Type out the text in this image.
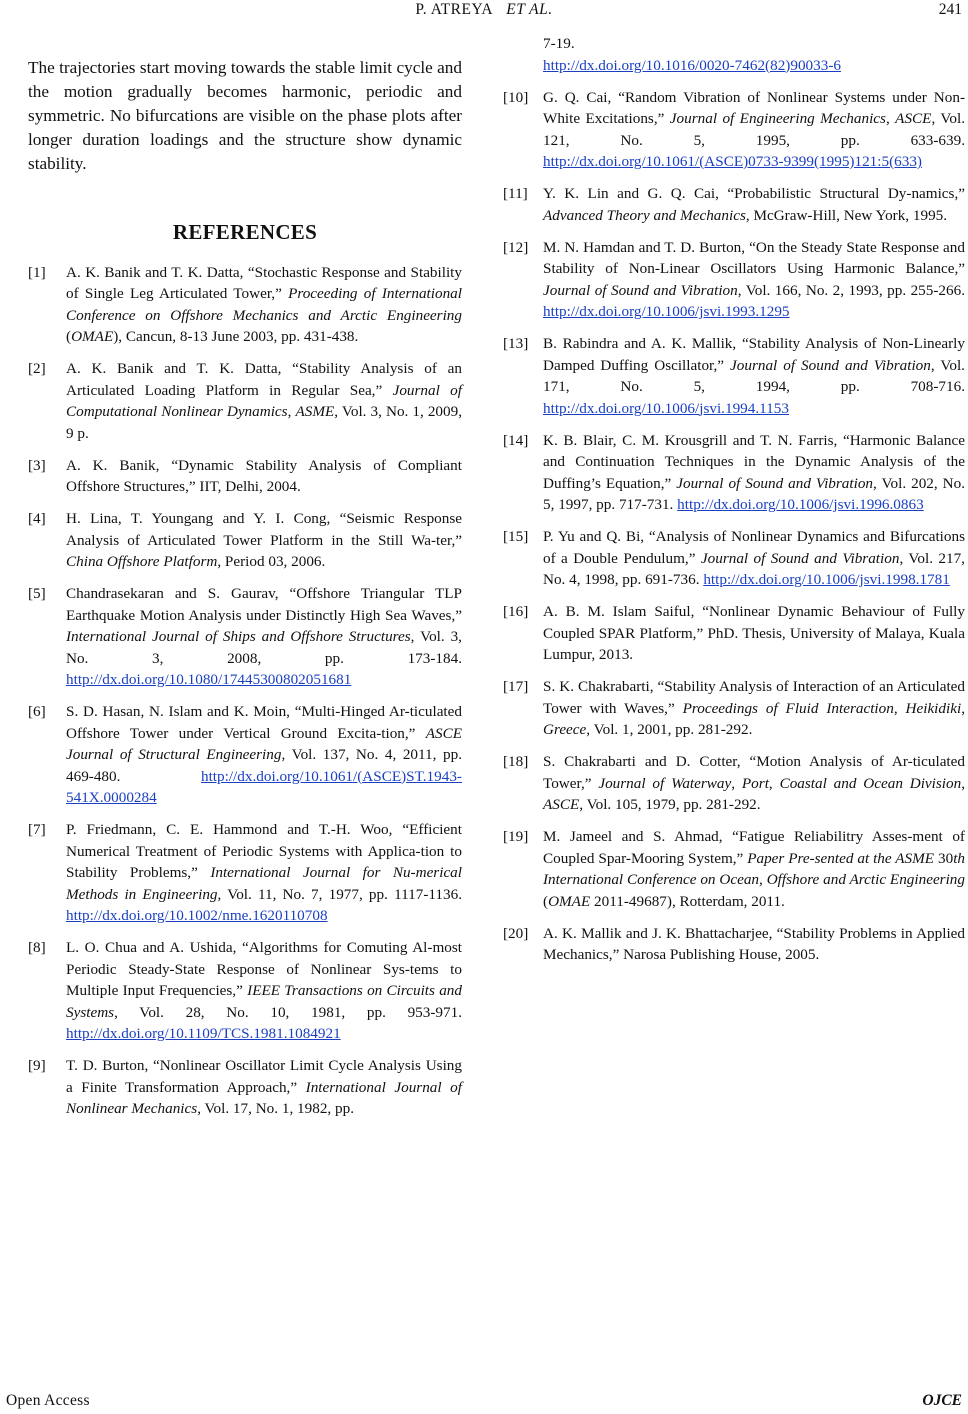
P. ATREYA ET AL.	241

The trajectories start moving towards the stable limit cycle and the motion gradually becomes harmonic, periodic and symmetric. No bifurcations are visible on the phase plots after longer duration loadings and the structure show dynamic stability.

REFERENCES
[1] A. K. Banik and T. K. Datta, “Stochastic Response and Stability of Single Leg Articulated Tower,” Proceeding of International Conference on Offshore Mechanics and Arctic Engineering (OMAE), Cancun, 8-13 June 2003, pp. 431-438.
[2] A. K. Banik and T. K. Datta, “Stability Analysis of an Articulated Loading Platform in Regular Sea,” Journal of Computational Nonlinear Dynamics, ASME, Vol. 3, No. 1, 2009, 9 p.
[3] A. K. Banik, “Dynamic Stability Analysis of Compliant Offshore Structures,” IIT, Delhi, 2004.
[4] H. Lina, T. Youngang and Y. I. Cong, “Seismic Response Analysis of Articulated Tower Platform in the Still Wa-ter,” China Offshore Platform, Period 03, 2006.
[5] Chandrasekaran and S. Gaurav, “Offshore Triangular TLP Earthquake Motion Analysis under Distinctly High Sea Waves,” International Journal of Ships and Offshore Structures, Vol. 3, No. 3, 2008, pp. 173-184. http://dx.doi.org/10.1080/17445300802051681
[6] S. D. Hasan, N. Islam and K. Moin, “Multi-Hinged Ar-ticulated Offshore Tower under Vertical Ground Excita-tion,” ASCE Journal of Structural Engineering, Vol. 137, No. 4, 2011, pp. 469-480. http://dx.doi.org/10.1061/(ASCE)ST.1943-541X.0000284
[7] P. Friedmann, C. E. Hammond and T.-H. Woo, “Efficient Numerical Treatment of Periodic Systems with Applica-tion to Stability Problems,” International Journal for Nu-merical Methods in Engineering, Vol. 11, No. 7, 1977, pp. 1117-1136. http://dx.doi.org/10.1002/nme.1620110708
[8] L. O. Chua and A. Ushida, “Algorithms for Comuting Al-most Periodic Steady-State Response of Nonlinear Sys-tems to Multiple Input Frequencies,” IEEE Transactions on Circuits and Systems, Vol. 28, No. 10, 1981, pp. 953-971. http://dx.doi.org/10.1109/TCS.1981.1084921
[9] T. D. Burton, “Nonlinear Oscillator Limit Cycle Analysis Using a Finite Transformation Approach,” International Journal of Nonlinear Mechanics, Vol. 17, No. 1, 1982, pp.
7-19.
http://dx.doi.org/10.1016/0020-7462(82)90033-6
[10] G. Q. Cai, “Random Vibration of Nonlinear Systems under Non-White Excitations,” Journal of Engineering Mechanics, ASCE, Vol. 121, No. 5, 1995, pp. 633-639. http://dx.doi.org/10.1061/(ASCE)0733-9399(1995)121:5(633)
[11] Y. K. Lin and G. Q. Cai, “Probabilistic Structural Dy-namics,” Advanced Theory and Mechanics, McGraw-Hill, New York, 1995.
[12] M. N. Hamdan and T. D. Burton, “On the Steady State Response and Stability of Non-Linear Oscillators Using Harmonic Balance,” Journal of Sound and Vibration, Vol. 166, No. 2, 1993, pp. 255-266. http://dx.doi.org/10.1006/jsvi.1993.1295
[13] B. Rabindra and A. K. Mallik, “Stability Analysis of Non-Linearly Damped Duffing Oscillator,” Journal of Sound and Vibration, Vol. 171, No. 5, 1994, pp. 708-716. http://dx.doi.org/10.1006/jsvi.1994.1153
[14] K. B. Blair, C. M. Krousgrill and T. N. Farris, “Harmonic Balance and Continuation Techniques in the Dynamic Analysis of the Duffing’s Equation,” Journal of Sound and Vibration, Vol. 202, No. 5, 1997, pp. 717-731. http://dx.doi.org/10.1006/jsvi.1996.0863
[15] P. Yu and Q. Bi, “Analysis of Nonlinear Dynamics and Bifurcations of a Double Pendulum,” Journal of Sound and Vibration, Vol. 217, No. 4, 1998, pp. 691-736. http://dx.doi.org/10.1006/jsvi.1998.1781
[16] A. B. M. Islam Saiful, “Nonlinear Dynamic Behaviour of Fully Coupled SPAR Platform,” PhD. Thesis, University of Malaya, Kuala Lumpur, 2013.
[17] S. K. Chakrabarti, “Stability Analysis of Interaction of an Articulated Tower with Waves,” Proceedings of Fluid Interaction, Heikidiki, Greece, Vol. 1, 2001, pp. 281-292.
[18] S. Chakrabarti and D. Cotter, “Motion Analysis of Ar-ticulated Tower,” Journal of Waterway, Port, Coastal and Ocean Division, ASCE, Vol. 105, 1979, pp. 281-292.
[19] M. Jameel and S. Ahmad, “Fatigue Reliabilitry Asses-ment of Coupled Spar-Mooring System,” Paper Pre-sented at the ASME 30th International Conference on Ocean, Offshore and Arctic Engineering (OMAE 2011-49687), Rotterdam, 2011.
[20] A. K. Mallik and J. K. Bhattacharjee, “Stability Problems in Applied Mechanics,” Narosa Publishing House, 2005.
Open Access	OJCE
